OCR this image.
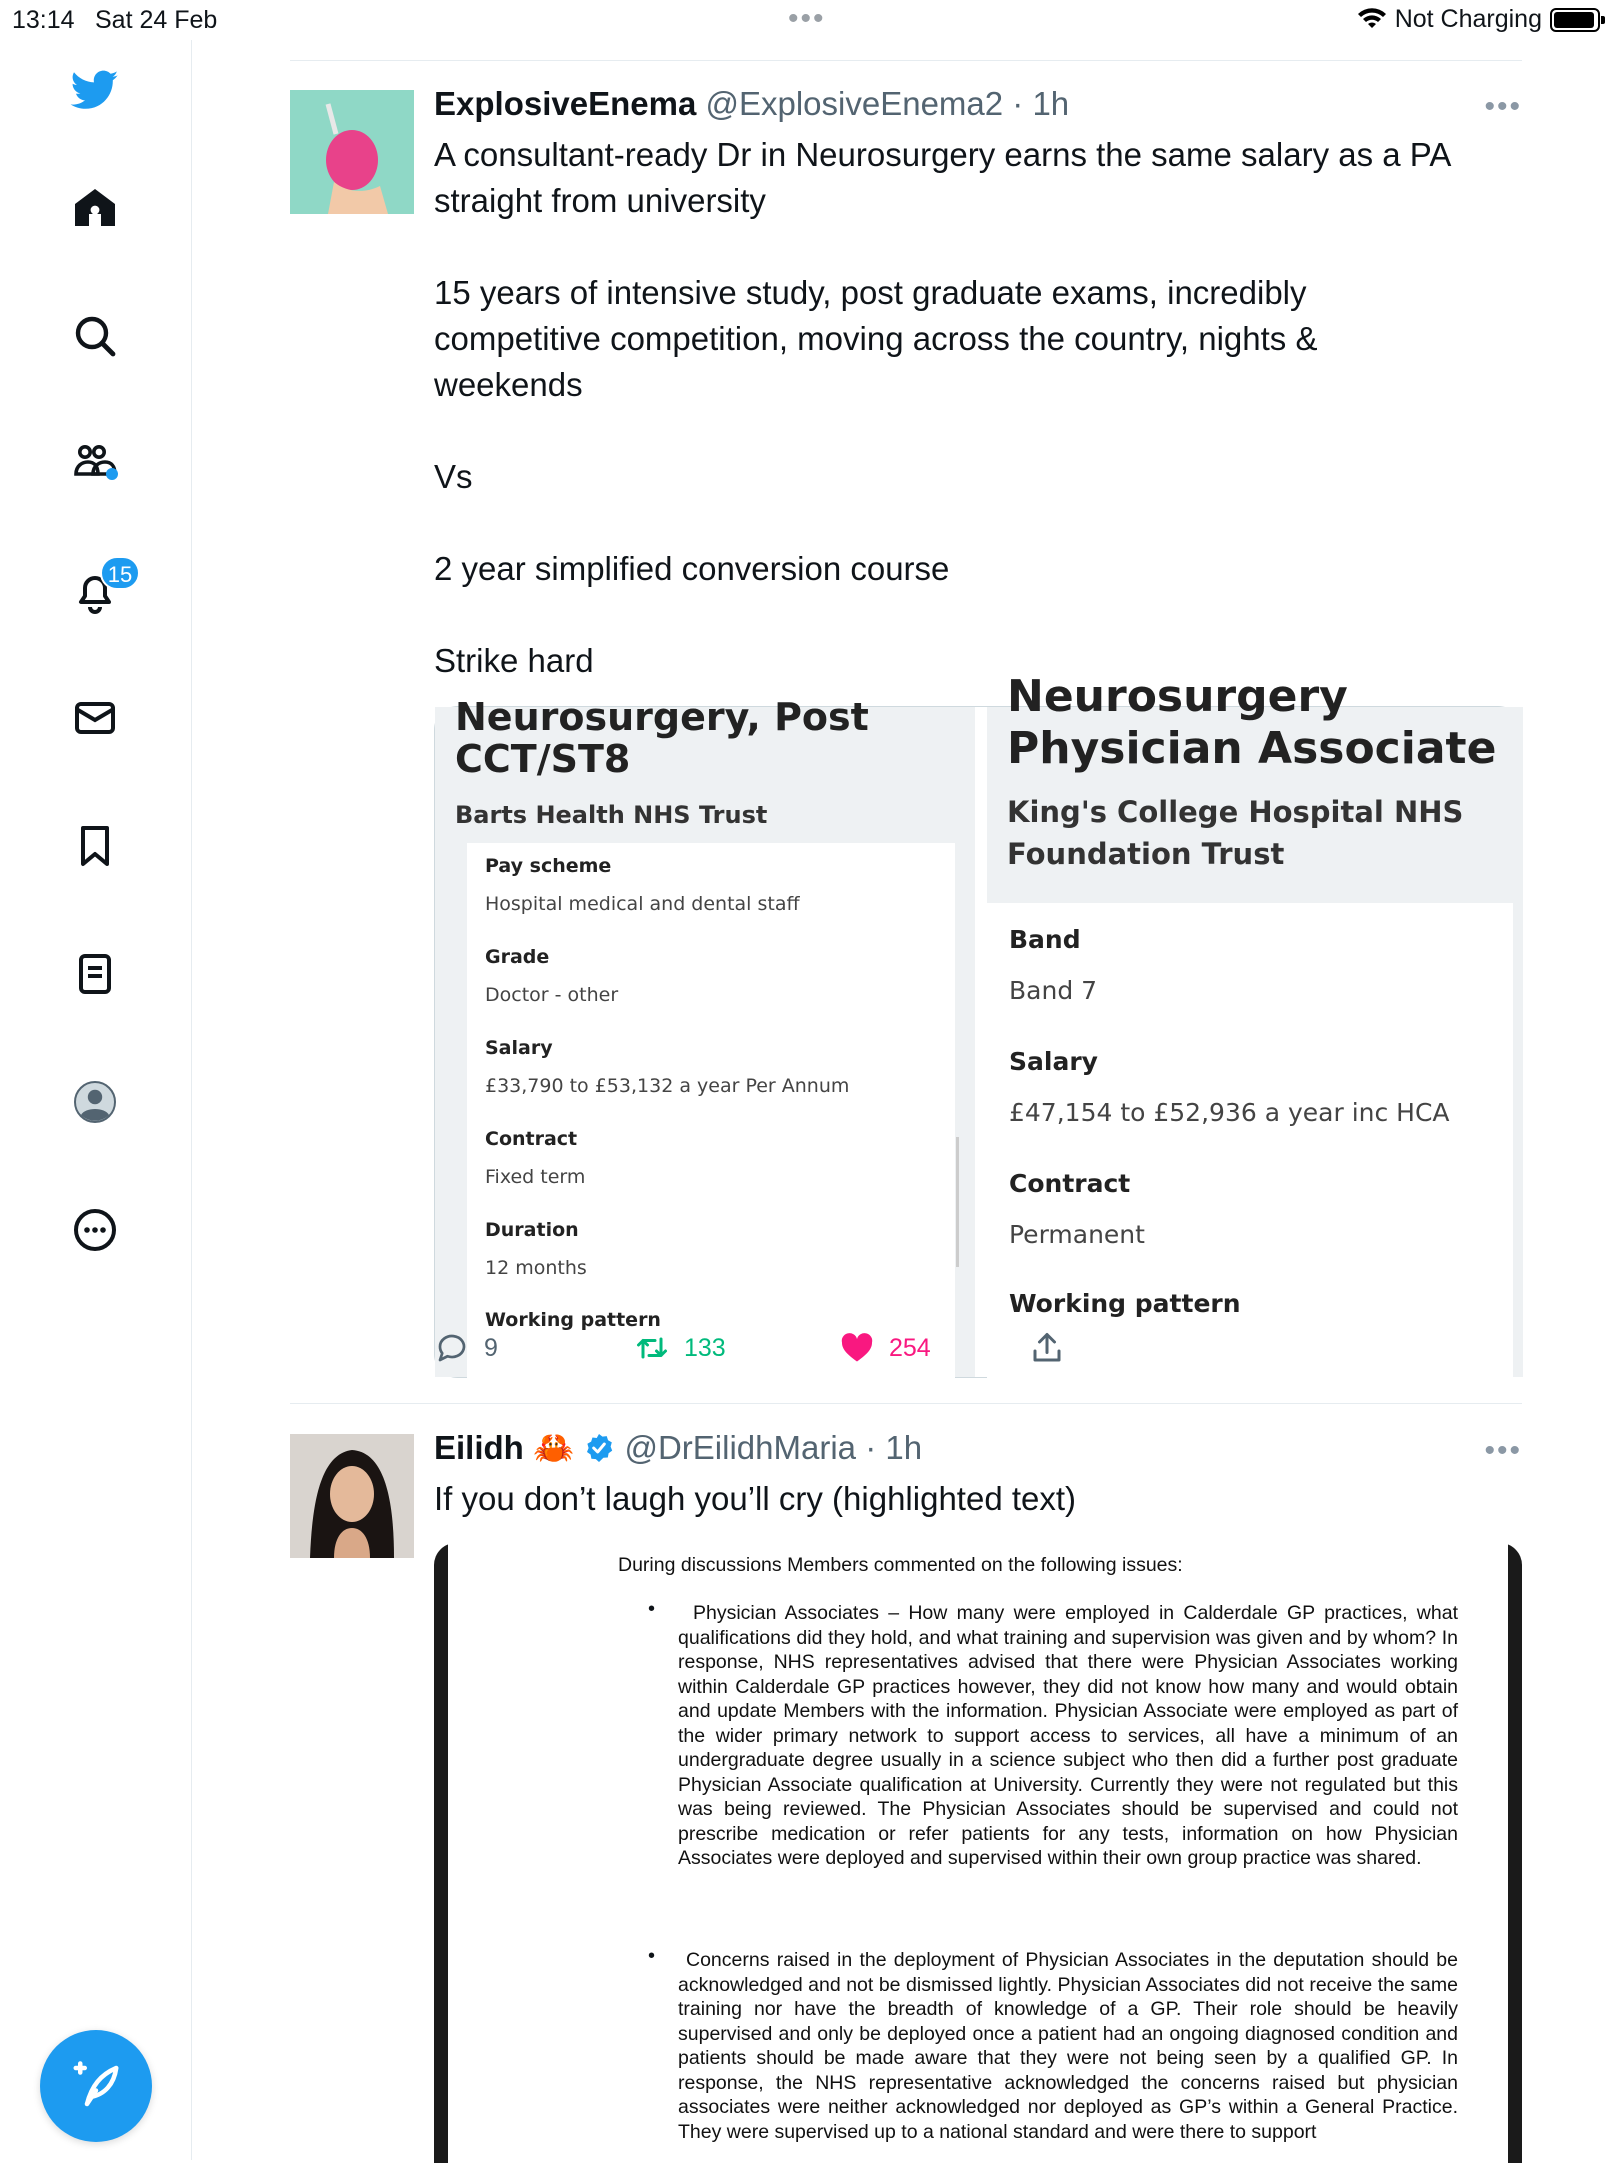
13:14 Sat 24 Feb	•••	Not Charging
15
ExplosiveEnema @ExplosiveEnema2 · 1h	•••
A consultant-ready Dr in Neurosurgery earns the same salary as a PA
straight from university

15 years of intensive study, post graduate exams, incredibly
competitive competition, moving across the country, nights &
weekends

Vs

2 year simplified conversion course

Strike hard
Neurosurgery, Post
CCT/ST8
Barts Health NHS Trust
Pay scheme
Hospital medical and dental staff
Grade
Doctor - other
Salary
£33,790 to £53,132 a year Per Annum
Contract
Fixed term
Duration
12 months
Working pattern
Neurosurgery
Physician Associate
King's College Hospital NHS
Foundation Trust
Band
Band 7
Salary
£47,154 to £52,936 a year inc HCA
Contract
Permanent
Working pattern
9	133	254
Eilidh 🦀 @DrEilidhMaria · 1h	•••
If you don’t laugh you’ll cry (highlighted text)
During discussions Members commented on the following issues:
•	Physician Associates – How many were employed in Calderdale GP practices, what qualifications did they hold, and what training and supervision was given and by whom? In response, NHS representatives advised that there were Physician Associates working within Calderdale GP practices however, they did not know how many and would obtain and update Members with the information. Physician Associate were employed as part of the wider primary network to support access to services, all have a minimum of an undergraduate degree usually in a science subject who then did a further post graduate Physician Associate qualification at University. Currently they were not regulated but this was being reviewed. The Physician Associates should be supervised and could not prescribe medication or refer patients for any tests, information on how Physician Associates were deployed and supervised within their own group practice was shared.
•	Concerns raised in the deployment of Physician Associates in the deputation should be acknowledged and not be dismissed lightly. Physician Associates did not receive the same training nor have the breadth of knowledge of a GP. Their role should be heavily supervised and only be deployed once a patient had an ongoing diagnosed condition and patients should be made aware that they were not being seen by a qualified GP. In response, the NHS representative acknowledged the concerns raised but physician associates were neither acknowledged nor deployed as GP’s within a General Practice. They were supervised up to a national standard and were there to support
